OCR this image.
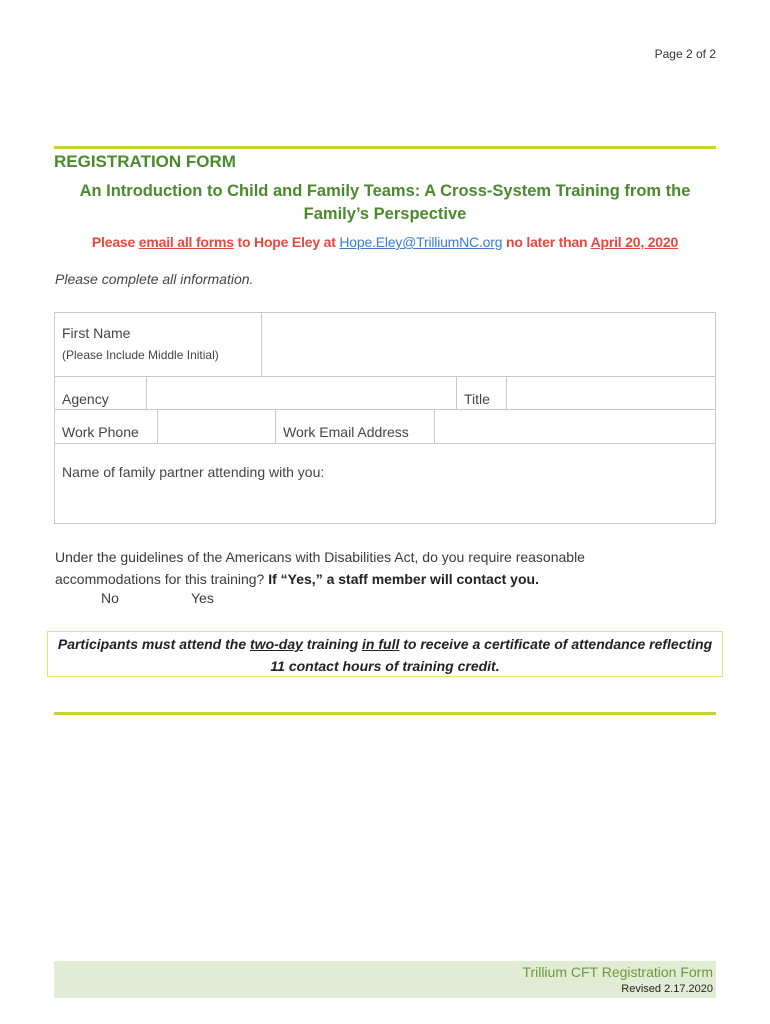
Page 2 of 2
REGISTRATION FORM
An Introduction to Child and Family Teams: A Cross-System Training from the
Family’s Perspective
Please email all forms to Hope Eley at Hope.Eley@TrilliumNC.org no later than April 20, 2020
Please complete all information.
First Name
(Please Include Middle Initial)
Agency	Title
Work Phone	Work Email Address
Name of family partner attending with you:
Under the guidelines of the Americans with Disabilities Act, do you require reasonable
accommodations for this training? If “Yes,” a staff member will contact you.
No	Yes
Participants must attend the two-day training in full to receive a certificate of attendance reflecting
11 contact hours of training credit.
Trillium CFT Registration Form
Revised 2.17.2020
